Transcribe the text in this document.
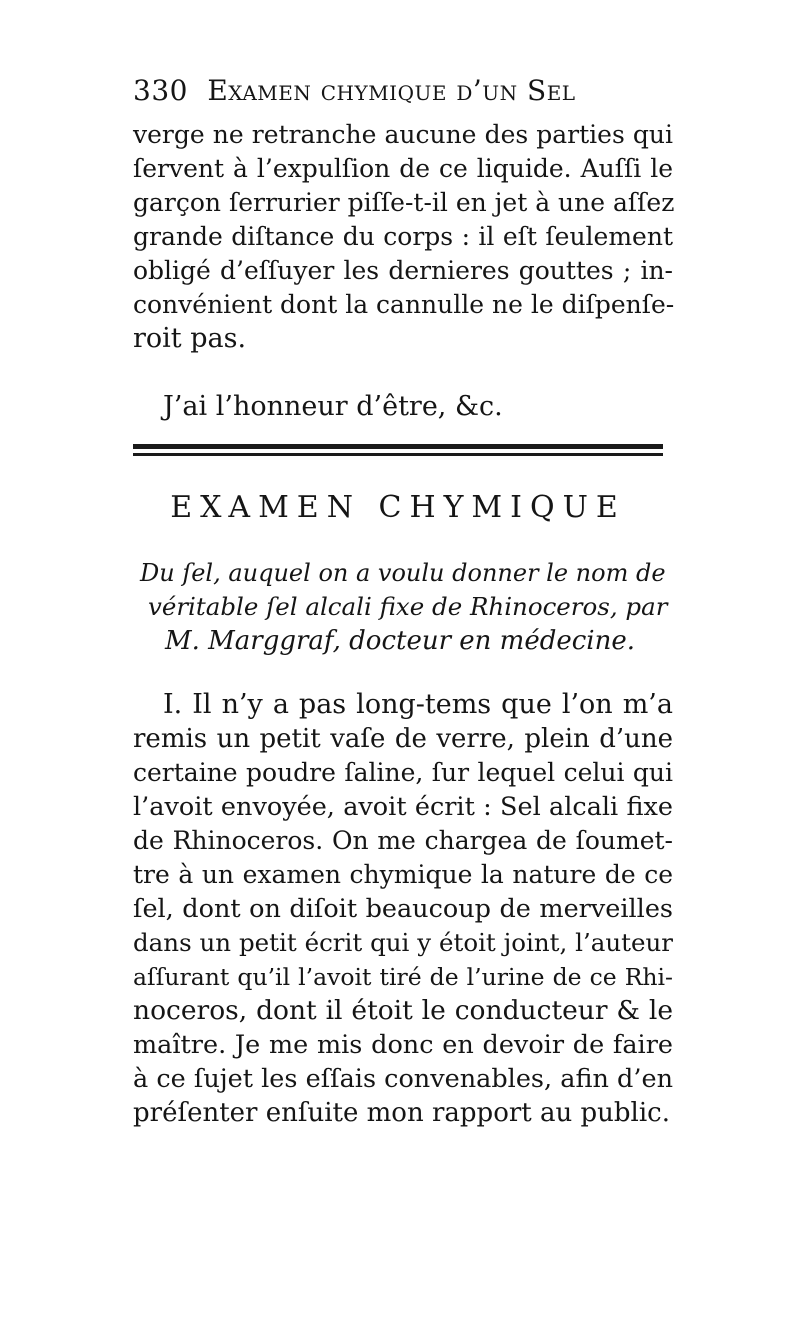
330 Examen chymique d’un Sel
verge ne retranche aucune des parties qui
ſervent à l’expulſion de ce liquide. Auſſi le
garçon ſerrurier piſſe-t-il en jet à une aſſez
grande diſtance du corps : il eſt ſeulement
obligé d’eſſuyer les dernieres gouttes ; in-
convénient dont la cannulle ne le diſpenſe-
roit pas.
J’ai l’honneur d’être, &c.
EXAMEN CHYMIQUE
Du ſel, auquel on a voulu donner le nom de
véritable ſel alcali fixe de Rhinoceros, par
M. Marggraf, docteur en médecine.
I. Il n’y a pas long-tems que l’on m’a
remis un petit vaſe de verre, plein d’une
certaine poudre ſaline, ſur lequel celui qui
l’avoit envoyée, avoit écrit : Sel alcali fixe
de Rhinoceros. On me chargea de ſoumet-
tre à un examen chymique la nature de ce
ſel, dont on diſoit beaucoup de merveilles
dans un petit écrit qui y étoit joint, l’auteur
aſſurant qu’il l’avoit tiré de l’urine de ce Rhi-
noceros, dont il étoit le conducteur & le
maître. Je me mis donc en devoir de faire
à ce ſujet les eſſais convenables, afin d’en
préſenter enſuite mon rapport au public.
